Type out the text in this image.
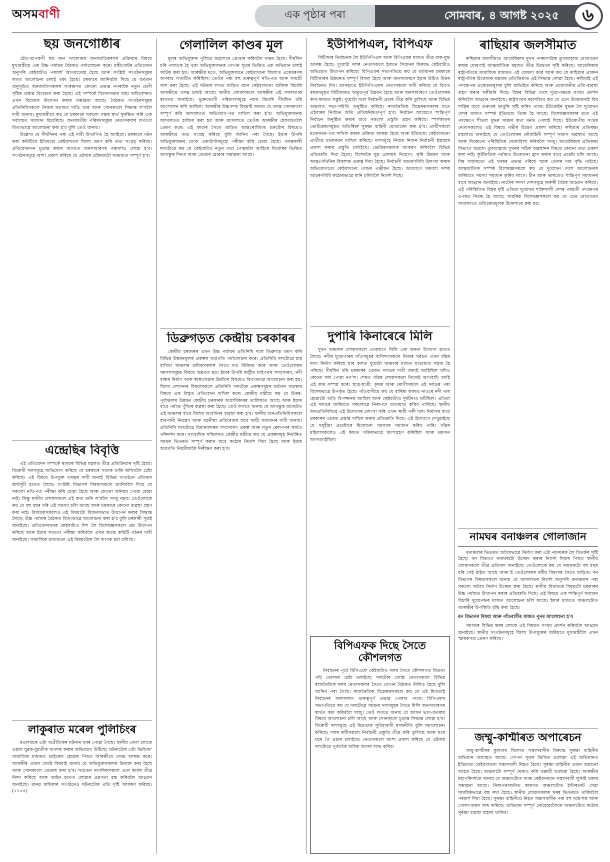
অসমবাণী	এক পৃষ্ঠাৰ পৰা	সোমবাৰ, ৪ আগষ্ট ২০২৫	৬
ছয় জনগোষ্ঠীৰ

চেঁচা-তাপকণী ছয় জন সম্প্ৰদায়ৰ জনজাতিকৰণৰ প্ৰক্ৰিয়াৰ বিষয়ে মুখ্যমন্ত্ৰীয়ে এক উচ্চ পৰ্যায়ৰ বৈঠকত পৰ্যালোচনা কৰে। মন্ত্ৰীগোটৰ প্ৰতিবেদন অনুসৰি কেইবাটাও পৰামৰ্শ আগবঢ়োৱা হৈছে আৰু সংশ্লিষ্ট সংগঠনসমূহৰ লগত আলোচনা চলাই থকা হৈছে। চৰকাৰে জানিবলৈ দিছে যে বৰ্তমান অনুসূচিত জনজাতিসকলৰ সংৰক্ষণত কোনো প্ৰভাৱ নপৰাকৈ নতুন শ্ৰেণী সৃষ্টিৰ প্ৰস্তাৱ বিবেচনা কৰা হৈছে। এই সম্পৰ্কে বিধানসভাৰ অহা অধিবেশনত এখন বিধেয়ক উত্থাপন কৰাৰ সম্ভাৱনা আছে। বৈঠকত সংগঠনসমূহৰ প্ৰতিনিধিসকলে নিজৰ মতামত দাঙি ধৰে আৰু সোনকালে সিদ্ধান্ত ল'বলৈ দাবী জনায়। মুখ্যমন্ত্ৰীয়ে কয় যে চৰকাৰে সকলো পক্ষৰ স্বাৰ্থ সুৰক্ষিত কৰি এক সৰ্বসন্মত সমাধান বিচাৰিছে। জনজাতীয় পৰিষদসমূহৰ নেতাসকলৰ লগতো বিতংভাৱে আলোচনা কৰা হ'ব বুলি তেওঁ জনায়।

উল্লেখ্য যে দীৰ্ঘদিনৰ পৰা এই দাবী উত্থাপিত হৈ আহিছে। চৰকাৰে গঠন কৰা কমিটিয়ে ইতিমধ্যে কেইবাখনো জিলা ভ্ৰমণ কৰি তথ্য সংগ্ৰহ কৰিছে। প্ৰতিবেদনখন চূড়ান্ত কৰাৰ আগতে জনসাধাৰণৰ পৰামৰ্শও লোৱা হ'ব। সংগঠনসমূহে আশা প্ৰকাশ কৰিছে যে এইবাৰ প্ৰক্ৰিয়াটো সময়মতে সম্পূৰ্ণ হ'ব।

এন্দ্ৰেছিৰ বিবৃত্তি

এই প্ৰতিবেদন সম্পৰ্কে ৰাজ্যৰ বিভিন্ন মহলত তীব্ৰ প্ৰতিক্ৰিয়াৰ সৃষ্টি হৈছে। বিৰোধী দলসমূহে অভিযোগ কৰিছে যে চৰকাৰে সত্যক ঢাকি ৰাখিবলৈ চেষ্টা কৰিছে। এই বিষয়ে উপযুক্ত তদন্তৰ দাবী জনাই বিভিন্ন সংগঠনে প্ৰতিবাদ কাৰ্যসূচী হাতত লৈছে। সংশ্লিষ্ট বিভাগৰ বিষয়াসকলে জানিবলৈ দিছে যে সকলো নথি-পত্ৰ পৰীক্ষা কৰি চোৱা হৈছে আৰু কোনো অনিয়ম পোৱা হোৱা নাই। কিন্তু স্থানীয় লোকসকলে এই কথা মানি ল'বলৈ সাজু নহয়। তেওঁলোকে কয় যে বহু বছৰ ধৰি এই সমস্যা চলি আছে আৰু চৰকাৰে কোনো ব্যৱস্থা গ্ৰহণ কৰা নাই। বিধায়কসকলেও এই বিষয়টো বিধানসভাত উত্থাপন কৰাৰ সিদ্ধান্ত লৈছে। উচ্চ পৰ্যায়ৰ বৈঠকত বিতংভাৱে আলোচনা কৰা হ'ব বুলি চৰকাৰী সূত্ৰই জনাইছে। প্ৰতিবেদনখনৰ কেইবাটাও দিশ লৈ বিশেষজ্ঞসকলে প্ৰশ্ন উত্থাপন কৰিছে আৰু ইয়াৰ সত্যতা পৰীক্ষা কৰিবলৈ এখন স্বতন্ত্ৰ কমিটি গঠনৰ দাবী জনাইছে। সামাজিক মাধ্যমতো এই বিষয়টোক লৈ ব্যাপক চৰ্চা চলিছে।

লাকুৰাত মৰেল পুলিচিংৰ

মঙলবাৰে এটা অপ্ৰীতিকৰ ঘটনাৰ খবৰ পোৱা গৈছে। স্থানীয় এদল লোকে এহাল যুৱক-যুৱতীক অপদস্থ কৰাৰ অভিযোগ উঠিছে। ঘটনাটোৰ এটা ভিডিঅ' সামাজিক মাধ্যমত ভাইৰেল হোৱাৰ পিছত আৰক্ষীয়ে তদন্ত আৰম্ভ কৰে। আৰক্ষীৰ এজন জ্যেষ্ঠ বিষয়াই জনায় যে অভিযুক্তসকলক চিনাক্ত কৰা হৈছে আৰু সোনকালে গ্ৰেপ্তাৰ কৰা হ'ব। সচেতন নাগৰিকসকলে এনে কাৰ্যৰ তীব্ৰ নিন্দা কৰিছে আৰু আইন হাতত লোৱাৰ প্ৰৱণতা বন্ধ কৰিবলৈ আহ্বান জনাইছে। মানৱ অধিকাৰ সংগঠনেও ঘটনাটোৰ প্ৰতি দৃষ্টি আকৰ্ষণ কৰিছে। (১২৫৪)

গেলালিল কাণ্ডৰ মূল

মূলৰ অভিযুক্তক পুলিচে অৱশেষে গ্ৰেপ্তাৰ কৰিবলৈ সক্ষম হৈছে। দীৰ্ঘদিন ধৰি পলাতক হৈ থকা অভিযুক্তজনক গোপন সূত্ৰৰ ভিত্তিত এক অভিযান চলাই আটক কৰা হয়। আৰক্ষীৰ মতে, অভিযুক্তজনে কেইবাখনো জিলাত একেধৰণৰ অপৰাধ সংঘটিত কৰিছিল। তেওঁৰ পৰা বহু গুৰুত্বপূৰ্ণ নথি-পত্ৰ আৰু সামগ্ৰী জব্দ কৰা হৈছে। এই ঘটনাৰ লগত জড়িত আন কেইবাজনো ব্যক্তিক বিচাৰি আৰক্ষীয়ে তদন্ত চলাই আছে। স্থানীয় লোকসকলে আৰক্ষীৰ এই সফলতাক স্বাগতম জনাইছে। ভুক্তভোগী পৰিয়ালসমূহে ন্যায় বিচাৰি দীৰ্ঘদিন ধৰি আন্দোলন কৰি আছিল। আৰক্ষীৰ উচ্চপদস্থ বিষয়াই জনায় যে তদন্ত সোনকালে সম্পূৰ্ণ কৰি আদালতত অভিযোগ-পত্ৰ দাখিল কৰা হ'ব। অভিযুক্তজনক আদালতত হাজিৰ কৰা হয় আৰু আদালতে তেওঁক আৰক্ষীৰ হেফাজতলৈ প্ৰেৰণ কৰে। এই কাণ্ডৰ সৈতে জড়িত আন্তঃৰাজ্যিক চক্ৰটোৰ বিষয়েও আৰক্ষীয়ে তথ্য সংগ্ৰহ কৰিছে বুলি জানিব পৰা গৈছে। ইয়াৰ উপৰি অভিযুক্তজনৰ বেংক একাউণ্টসমূহো পৰীক্ষা কৰি চোৱা হৈছে। তদন্তকাৰী দলটোৱে কয় যে কেইবাটাও নতুন তথ্য পোহৰলৈ আহিছে যিবোৰৰ ভিত্তিত আগন্তুক দিনত আৰু গ্ৰেপ্তাৰ হোৱাৰ সম্ভাৱনা আছে।

ডিব্ৰুগড়ত কেন্দ্ৰীয় চৰকাৰৰ

কেন্দ্ৰীয় চৰকাৰৰ এখন উচ্চ পৰ্যায়ৰ প্ৰতিনিধি দলে ডিব্ৰুগড় ভ্ৰমণ কৰি বিভিন্ন উন্নয়নমূলক প্ৰকল্পৰ অগ্ৰগতি পৰ্যালোচনা কৰে। প্ৰতিনিধি দলটোৱে চাহ বাগিচা অঞ্চলৰ শ্ৰমিকসকলৰ সৈতে মত বিনিময় কৰে আৰু তেওঁলোকৰ সমস্যাসমূহৰ বিষয়ে অৱগত হয়। ইয়াৰ উপৰি ৰাষ্ট্ৰীয় ঘাইপথৰ সম্প্ৰসাৰণ, নদী বান্ধৰ নিৰ্মাণ আৰু স্বাস্থ্যসেৱাৰ উন্নতিৰ বিষয়েও বিতংভাৱে আলোচনা কৰা হয়। জিলা প্ৰশাসনৰ বিষয়াসকলে প্ৰতিনিধি দলটোক প্ৰকল্পসমূহৰ বৰ্তমান অৱস্থাৰ বিষয়ে এক বিস্তৃত প্ৰতিবেদন দাখিল কৰে। কেন্দ্ৰীয় মন্ত্ৰীয়ে কয় যে উত্তৰ-পূৰ্বাঞ্চলৰ উন্নয়ন কেন্দ্ৰীয় চৰকাৰৰ অগ্ৰাধিকাৰৰ তালিকাত আছে আৰু ইয়াৰ বাবে পৰ্যাপ্ত পুঁজিৰ ব্যৱস্থা কৰা হৈছে। তেওঁ লগতে জনায় যে আগন্তুক বাজেটত এই অঞ্চলৰ বাবে বিশেষ আবণ্টনৰ ব্যৱস্থা কৰা হ'ব। স্থানীয় জনপ্ৰতিনিধিসকলে বানপানী নিয়ন্ত্ৰণ আৰু খহনীয়া প্ৰতিৰোধৰ বাবে স্থায়ী সমাধানৰ দাবী জনায়। প্ৰতিনিধি দলটোৱে বিমানবন্দৰৰ সম্প্ৰসাৰণ প্ৰকল্প আৰু নতুন ৰেলপথৰ কাৰ্যও পৰিদৰ্শন কৰে। সাংবাদিক সন্মিলনত কেন্দ্ৰীয় মন্ত্ৰীয়ে কয় যে প্ৰকল্পসমূহ নিৰ্ধাৰিত সময়ৰ ভিতৰত সম্পূৰ্ণ কৰাৰ বাবে কঠোৰ নিৰ্দেশ দিয়া হৈছে আৰু ইয়াৰ অগ্ৰগতি নিয়মীয়াকৈ নিৰীক্ষণ কৰা হ'ব।

ইউপিপিএল, বিপিএফ

বিটিআৰ নিৰ্বাচনক লৈ ইউপিপিএল আৰু বিপিএফৰ মাজত তীব্ৰ বাক-যুদ্ধ আৰম্ভ হৈছে। দুয়োটা দলৰ নেতাসকলে ইজনে সিজনৰ বিৰুদ্ধে কেইবাটাও অভিযোগ উত্থাপন কৰিছে। বিপিএফৰ সভাপতিয়ে কয় যে বৰ্তমানৰ চৰকাৰে বিটিআৰৰ উন্নয়নত সম্পূৰ্ণ বিফল হৈছে আৰু জনসাধাৰণে ইয়াৰ উচিত উত্তৰ নিৰ্বাচনত দিব। আনহাতে ইউপিপিএলৰ নেতাসকলে দাবী কৰিছে যে বিগত বছৰসমূহত বিটিআৰত অভূতপূৰ্ব উন্নয়ন হৈছে আৰু জনসাধাৰণে তেওঁলোকৰ কাম-কাজত সন্তুষ্ট। দুয়োটা দলে নিৰ্বাচনী প্ৰচাৰ তীব্ৰ কৰি তুলিছে আৰু বিভিন্ন অঞ্চলত সভা-সমিতি অনুষ্ঠিত কৰিছে। ৰাজনৈতিক বিশ্লেষকসকলৰ মতে এইবাৰৰ নিৰ্বাচন অতি প্ৰতিদ্বন্দ্বিতাপূৰ্ণ হ'ব। নিৰ্বাচন আয়োগে শান্তিপূৰ্ণ নিৰ্বাচন অনুষ্ঠিত কৰাৰ বাবে সকলো প্ৰস্তুতি গ্ৰহণ কৰিছে। স্পৰ্শকাতৰ ভোটকেন্দ্ৰসমূহত অতিৰিক্ত সুৰক্ষা বাহিনী মোতায়েন কৰা হ'ব। প্ৰাৰ্থীসকলে মনোনয়ন-পত্ৰ দাখিল কৰাৰ প্ৰক্ৰিয়া আৰম্ভ হৈছে আৰু ইতিমধ্যে কেইবাজনো প্ৰাৰ্থীয়ে মনোনয়ন দাখিল কৰিছে। দলসমূহে নিজৰ নিজৰ নিৰ্বাচনী ইস্তাহাৰ প্ৰকাশ কৰাৰ প্ৰস্তুতি চলাইছে। ভোটাৰসকলক আকৰ্ষণ কৰিবলৈ বিভিন্ন প্ৰতিশ্ৰুতি দিয়া হৈছে। বিশেষকৈ যুৱ প্ৰজন্মৰ নিয়োগ, কৃষি উন্নয়ন আৰু আন্তঃগাঁথনিৰ বিকাশক গুৰুত্ব দিয়া হৈছে। নিৰ্বাচনী আচৰণবিধি উলংঘা কৰাৰ অভিযোগতো কেইবাখনো গোচৰ পঞ্জীয়ন হৈছে। আয়োগে সকলো দলক আচৰণবিধি কঠোৰভাৱে মানি চলিবলৈ নিৰ্দেশ দিছে।

দুপাৰি কিনাৰেৰে মিলি

দুখন অঞ্চলৰ লোকসকলে একেলগে মিলি এক অনন্য উদ্যোগ হাতত লৈছে। নদীৰ দুয়োপাৰৰ গাঁওসমূহৰ বাসিন্দাসকলে নিজৰ খৰচত এখন বাঁহৰ দলং নিৰ্মাণ কৰিছে যাৰ ফলত দুয়োটা অঞ্চলৰ মাজত যাতায়াত সহজ হৈ পৰিছে। দীৰ্ঘদিন ধৰি চৰকাৰৰ ওচৰত দলঙৰ দাবী জনাই আহিছিল যদিও কোনো ফল পোৱা নগ'ল। শেষত গাঁৱৰ লোকসকলে নিজেই আগবাঢ়ি আহি এই কাম সম্পন্ন কৰে। ছাত্ৰ-ছাত্ৰী, কৃষক আৰু ৰোগীসকলে এই দলঙৰ পৰা বিশেষভাৱে উপকৃত হৈছে। গাঁওবাসীয়ে কয় যে বাৰিষা কালত নাওৰে নদী পাৰ হোৱাটো অতি বিপজ্জনক আছিল আৰু কেইবাটাও দুৰ্ঘটনাও ঘটিছিল। এতিয়া এই দলঙৰ জৰিয়তে সকলোৱে নিৰাপদে যাতায়াত কৰিব পাৰিছে। স্থানীয় জনপ্ৰতিনিধিয়ে এই উদ্যোগৰ প্ৰশংসা কৰি এখন স্থায়ী পকী দলং নিৰ্মাণৰ বাবে চৰকাৰৰ ওচৰত প্ৰস্তাৱ দাখিল কৰাৰ প্ৰতিশ্ৰুতি দিছে। এই উদ্যোগে দেখুৱাইছে যে সমূহীয়া প্ৰচেষ্টাৰে যিকোনো সমস্যাৰ সমাধান কৰিব পাৰি। গাঁৱৰ মহিলাসকলেও এই কামত সক্ৰিয়ভাৱে অংশগ্ৰহণ কৰিছিল আৰু শ্ৰমদান আগবঢ়াইছিল।

বিপিএফক দিছে সৈতে কৌশলগত

নিৰ্বাচনৰ পূৰ্বে বিপিএফে কেইবাটাও দলৰ সৈতে কৌশলগত মিত্ৰতা গঢ়ি তোলাৰ চেষ্টা চলাইছে। দলটোৰ জ্যেষ্ঠ নেতাসকলে বিভিন্ন ৰাজনৈতিক দলৰ নেতাসকলৰ সৈতে গোপন বৈঠকত মিলিত হৈছে বুলি জানিব পৰা গৈছে। ৰাজনৈতিক বিশ্লেষকসকলে কয় যে এই মিত্ৰতাই নিৰ্বাচনৰ ফলাফলত গুৰুত্বপূৰ্ণ প্ৰভাৱ পেলাব পাৰে। বিপিএফৰ সভাপতিয়ে কয় যে দলটোৱে সমমনা দলসমূহৰ সৈতে মিলি জনসাধাৰণৰ স্বাৰ্থত কাম কৰিবলৈ সাজু। তেওঁ লগতে জনায় যে আসন ভাগ-বতৰাৰ বিষয়ে আলোচনা চলি আছে আৰু সোনকালে চূড়ান্ত সিদ্ধান্ত লোৱা হ'ব। বিৰোধী দলসমূহে এই মিত্ৰতাক সুবিধাবাদী ৰাজনীতি বুলি সমালোচনা কৰিছে। দলৰ কৰ্মীসকলে নিৰ্বাচনী প্ৰস্তুতি তীব্ৰ কৰি তুলিছে আৰু ঘৰে ঘৰে গৈ প্ৰচাৰ চলাইছে। নেতাসকলে আশা প্ৰকাশ কৰিছে যে এইবাৰ দলটোৱে পূৰ্বতকৈ অধিক আসন লাভ কৰিব।

ৰাছিয়াৰ জলসীমাত

ৰুছিয়াৰ জলসীমাত আমেৰিকাৰ দুখন পাৰমাণৱিক ডুবজাহাজ মোতায়েন কৰাৰ ঘোষণাই আন্তৰ্জাতিক মহলত তীব্ৰ উদ্বেগৰ সৃষ্টি কৰিছে। আমেৰিকাৰ ৰাষ্ট্ৰপতিয়ে সামাজিক মাধ্যমত এই ঘোষণা কৰে আৰু কয় যে ৰুছিয়াৰ প্ৰাক্তন ৰাষ্ট্ৰপতিৰ উত্তেজক মন্তব্যৰ প্ৰতিক্ৰিয়াত এই সিদ্ধান্ত লোৱা হৈছে। ৰুছিয়াই এই পদক্ষেপক প্ৰৰোচনামূলক বুলি অভিহিত কৰিছে আৰু প্ৰয়োজনীয় প্ৰতি-ব্যৱস্থা গ্ৰহণ কৰাৰ সকীয়নি দিছে। বিশ্বৰ বিভিন্ন দেশে দুয়োপক্ষকে সংযম প্ৰদৰ্শন কৰিবলৈ আহ্বান জনাইছে। ৰাষ্ট্ৰসংঘৰ মহাসচিবে কয় যে এনে উত্তেজনাই বিশ্ব শান্তিৰ বাবে গুৰুতৰ ভাবুকি সৃষ্টি কৰিব পাৰে। ইউক্ৰেইন যুদ্ধক লৈ দুয়োখন দেশৰ মাজত সম্পৰ্ক ইতিমধ্যে তিক্ত হৈ আছে। বিশেষজ্ঞসকলৰ মতে এই পদক্ষেপে শীতল যুদ্ধৰ সময়ৰ কথা মনত পেলাই দিছে। ইউৰোপীয় সংঘৰ নেতাসকলেও এই বিষয়ে গভীৰ উদ্বেগ প্ৰকাশ কৰিছে। ৰুছিয়াৰ প্ৰতিৰক্ষা মন্ত্ৰালয়ে জনাইছে যে তেওঁলোকৰ নৌবাহিনী সম্পূৰ্ণ সজাগ অৱস্থাত আছে আৰু যিকোনো পৰিস্থিতিৰ মোকাবিলা কৰিবলৈ সাজু। আমেৰিকাৰ প্ৰতিৰক্ষা বিভাগে অৱশ্যে ডুবজাহাজ দুখনৰ সঠিক অৱস্থানৰ বিষয়ে কোনো তথ্য প্ৰকাশ কৰা নাই। কূটনৈতিক পৰ্যায়ত উত্তেজনা হ্ৰাস কৰাৰ বাবে প্ৰচেষ্টা চলি আছে। বিশ্ব বজাৰতো এই খবৰৰ প্ৰভাৱ পৰিছে আৰু তেলৰ দাম বৃদ্ধি পাইছে। আন্তৰ্জাতিক সম্পৰ্ক বিশেষজ্ঞসকলে কয় যে দুয়োখন দেশে আলোচনাৰ জৰিয়তে সমস্যা সমাধান কৰিব লাগে। চীন আৰু ভাৰতেও শান্তিপূৰ্ণ সমাধানৰ বাবে আহ্বান জনাইছে। নাটোৰ সদস্য দেশসমূহে জৰুৰী বৈঠক আহ্বান কৰিছে। এই পৰিস্থিতিত বিশ্বৰ দৃষ্টি এতিয়া দুয়োখন শক্তিশালী দেশৰ পৰৱৰ্তী পদক্ষেপৰ ওপৰত নিবদ্ধ হৈ আছে। সামৰিক বিশেষজ্ঞসকলে কয় যে এনে মোতায়েন সাধাৰণতে প্ৰতিৰোধমূলক উদ্দেশ্যৰে কৰা হয়।

নামঘৰ বনাঞ্চলৰ গোলাজান

বনাঞ্চলৰ ভিতৰত অবৈধভাৱে নিৰ্মাণ কৰা এটা নামঘৰক লৈ বিতৰ্কৰ সৃষ্টি হৈছে। বন বিভাগে নামঘৰটো উচ্ছেদ কৰাৰ নিৰ্দেশ দিয়াৰ পিছত স্থানীয় লোকসকলে তীব্ৰ প্ৰতিবাদ জনাইছে। তেওঁলোকে কয় যে নামঘৰটো বহু বছৰ ধৰি সেই ঠাইত আছে আৰু ই তেওঁলোকৰ ধৰ্মীয় বিশ্বাসৰ সৈতে জড়িত। বন বিভাগৰ বিষয়াসকলে জনায় যে আদালতৰ নিৰ্দেশ অনুসৰি বনাঞ্চলৰ পৰা সকলো অবৈধ নিৰ্মাণ উচ্ছেদ কৰা হৈছে। স্থানীয় বিধায়কে বিষয়টো চৰকাৰৰ উচ্চ পৰ্যায়ত উত্থাপন কৰাৰ প্ৰতিশ্ৰুতি দিছে। এই বিষয়ে এক শান্তিপূৰ্ণ সমাধান বিচাৰি দুয়োপক্ষৰ মাজত আলোচনা চলি আছে। ইয়াৰ মাজতে অঞ্চলটোত আৰক্ষীৰ উপস্থিতি বৃদ্ধি কৰা হৈছে।

বন বিভাগৰ বিষয়া আৰু গাঁওবাসীৰ মাজত পুনৰ আলোচনা হ'ব

সমাজৰ বিভিন্ন স্তৰৰ লোকে এই বিষয়ত সংযম প্ৰদৰ্শন কৰিবলৈ আহ্বান জনাইছে। স্থানীয় সংগঠনসমূহে জিলা উপায়ুক্তৰ জৰিয়তে মুখ্যমন্ত্ৰীলৈ এখন স্মাৰকপত্ৰ প্ৰেৰণ কৰিছে।

জম্মু-কাশ্মীৰত অপাৰেচন

জম্মু-কাশ্মীৰৰ কুলগাম জিলাত সন্ত্ৰাসবাদীৰ বিৰুদ্ধে সুৰক্ষা বাহিনীৰ অভিযান অব্যাহত আছে। গোপন সূত্ৰৰ ভিত্তিত চলোৱা এই অভিযানত ইতিমধ্যে কেইবাজনো সন্ত্ৰাসবাদী নিহত হৈছে। সুৰক্ষা বাহিনীৰ এজন জৱানো আহত হৈছে। অঞ্চলটো সম্পূৰ্ণ ঘেৰাও কৰি তল্লাচী চলোৱা হৈছে। আৰক্ষীৰ মহাপৰিদৰ্শকে জনায় যে অঞ্চলটোত আৰু কেইজনমান সন্ত্ৰাসবাদী লুকাই থকাৰ সম্ভাৱনা আছে। নিৰাপত্তাজনিত কাৰণত অঞ্চলটোত ইণ্টাৰনেট সেৱা সাময়িকভাৱে বন্ধ ৰখা হৈছে। স্থানীয় লোকসকলক ঘৰৰ ভিতৰতে থাকিবলৈ পৰামৰ্শ দিয়া হৈছে। সুৰক্ষা বাহিনীয়ে নিহত সন্ত্ৰাসবাদীৰ পৰা বহু অস্ত্ৰ-শস্ত্ৰ আৰু গোলা-বাৰুদ জব্দ কৰিছে। অভিযান সম্পূৰ্ণ নোহোৱালৈকে অঞ্চলটোত কঠোৰ সুৰক্ষা ব্যৱস্থা বাহাল থাকিব।
